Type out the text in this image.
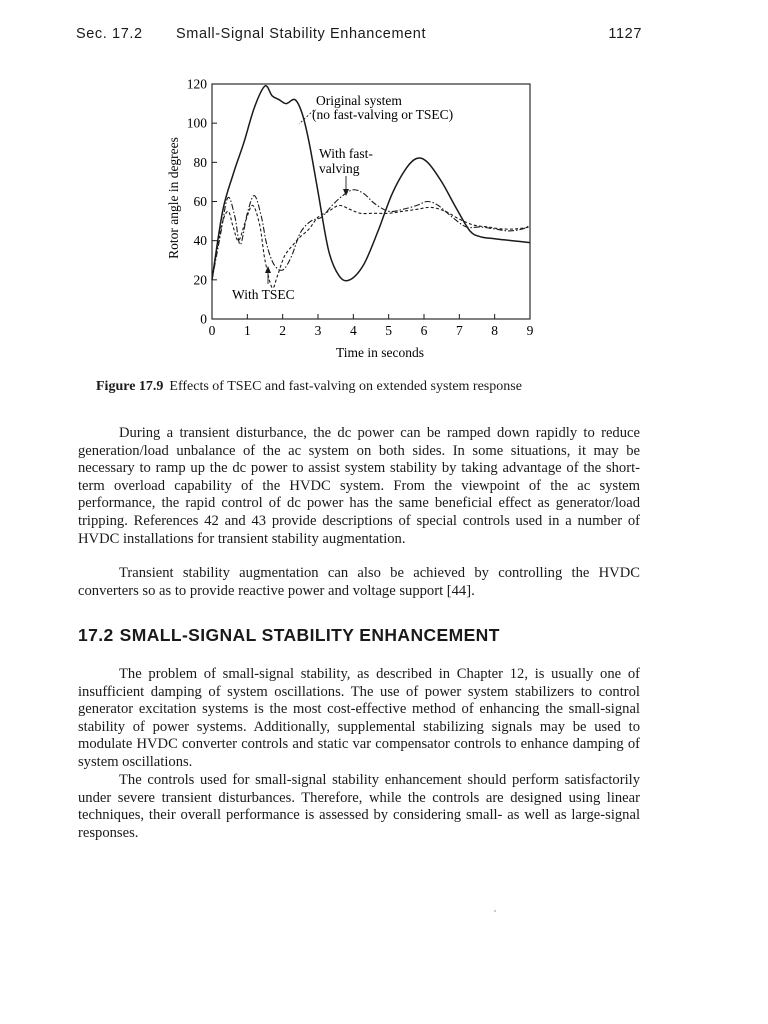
Sec. 17.2 Small-Signal Stability Enhancement	1127
0 1 2 3 4 5 6 7 8 9
0
20
40
60
80
100
120
Rotor angle in degrees
Time in seconds
Original system
(no fast-valving or TSEC)
With fast-
valving
With TSEC
Figure 17.9 Effects of TSEC and fast-valving on extended system response

During a transient disturbance, the dc power can be ramped down rapidly to reduce generation/load unbalance of the ac system on both sides. In some situations, it may be necessary to ramp up the dc power to assist system stability by taking advantage of the short-term overload capability of the HVDC system. From the viewpoint of the ac system performance, the rapid control of dc power has the same beneficial effect as generator/load tripping. References 42 and 43 provide descriptions of special controls used in a number of HVDC installations for transient stability augmentation.

Transient stability augmentation can also be achieved by controlling the HVDC converters so as to provide reactive power and voltage support [44].

17.2 SMALL-SIGNAL STABILITY ENHANCEMENT

The problem of small-signal stability, as described in Chapter 12, is usually one of insufficient damping of system oscillations. The use of power system stabilizers to control generator excitation systems is the most cost-effective method of enhancing the small-signal stability of power systems. Additionally, supplemental stabilizing signals may be used to modulate HVDC converter controls and static var compensator controls to enhance damping of system oscillations.

The controls used for small-signal stability enhancement should perform satisfactorily under severe transient disturbances. Therefore, while the controls are designed using linear techniques, their overall performance is assessed by considering small- as well as large-signal responses.
